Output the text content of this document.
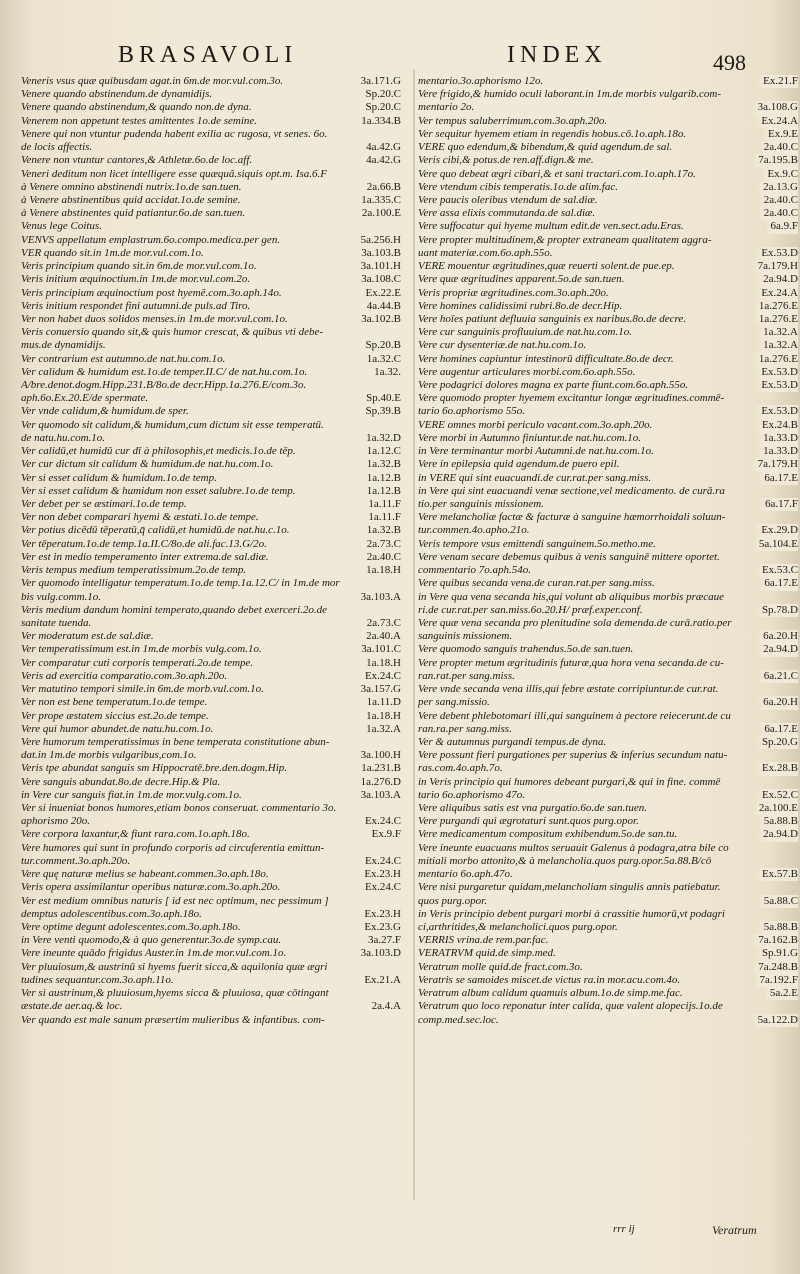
BRASAVOLI	INDEX	498
Veneris vsus quæ quibusdam agat.in 6m.de mor.vul.com.3o.	3a.171.G
Venere quando abstinendum.de dynamidijs.	Sp.20.C
Venere quando abstinendum,& quando non.de dyna.	Sp.20.C
Venerem non appetunt testes amittentes 1o.de semine.	1a.334.B
Venere qui non vtuntur pudenda habent exilia ac rugosa, vt senes. 6o.
de locis affectis.	4a.42.G
Venere non vtuntur cantores,& Athletæ.6o.de loc.aff.	4a.42.G
Veneri deditum non licet intelligere esse quæquã.siquis opt.m. Isa.6.F
à Venere omnino abstinendi nutrix.1o.de san.tuen.	2a.66.B
à Venere abstinentibus quid accidat.1o.de semine.	1a.335.C
à Venere abstinentes quid patiantur.6o.de san.tuen.	2a.100.E
Venus lege Coitus.
VENVS appellatum emplastrum.6o.compo.medica.per gen.	5a.256.H
VER quando sit.in 1m.de mor.vul.com.1o.	3a.103.B
Veris principium quando sit.in 6m.de mor.vul.com.1o.	3a.101.H
Veris initium æquinoctium.in 1m.de mor.vul.com.2o.	3a.108.C
Veris principium æquinoctium post hyemē.com.3o.aph.14o.	Ex.22.E
Veris initium respondet fini autumni.de puls.ad Tiro.	4a.44.B
Ver non habet duos solidos menses.in 1m.de mor.vul.com.1o.	3a.102.B
Veris conuersio quando sit,& quis humor crescat, & quibus vti debe-
mus.de dynamidijs.	Sp.20.B
Ver contrarium est autumno.de nat.hu.com.1o.	1a.32.C
Ver calidum & humidum est.1o.de temper.II.C/ de nat.hu.com.1o.	1a.32.
A/bre.denot.dogm.Hipp.231.B/8o.de decr.Hipp.1a.276.E/com.3o.
aph.6o.Ex.20.E/de spermate.	Sp.40.E
Ver vnde calidum,& humidum.de sper.	Sp.39.B
Ver quomodo sit calidum,& humidum,cum dictum sit esse temperatū.
de natu.hu.com.1o.	1a.32.D
Ver calidū,et humidū cur dī à philosophis,et medicis.1o.de tēp.	1a.12.C
Ver cur dictum sit calidum & humidum.de nat.hu.com.1o.	1a.32.B
Ver si esset calidum & humidum.1o.de temp.	1a.12.B
Ver si esset calidum & humidum non esset salubre.1o.de temp.	1a.12.B
Ver debet per se æstimari.1o.de temp.	1a.11.F
Ver non debet comparari hyemi & æstati.1o.de tempe.	1a.11.F
Ver potius dicēdū tēperatū,q̄ calidū,et humidū.de nat.hu.c.1o.	1a.32.B
Ver tēperatum.1o.de temp.1a.II.C/8o.de ali.fac.13.G/2o.	2a.73.C
Ver est in medio temperamento inter extrema.de sal.diæ.	2a.40.C
Veris tempus medium temperatissimum.2o.de temp.	1a.18.H
Ver quomodo intelligatur temperatum.1o.de temp.1a.12.C/ in 1m.de mor
bis vulg.comm.1o.	3a.103.A
Veris medium dandum homini temperato,quando debet exerceri.2o.de
sanitate tuenda.	2a.73.C
Ver moderatum est.de sal.diæ.	2a.40.A
Ver temperatissimum est.in 1m.de morbis vulg.com.1o.	3a.101.C
Ver comparatur cuti corporis temperati.2o.de tempe.	1a.18.H
Veris ad exercitia comparatio.com.3o.aph.20o.	Ex.24.C
Ver matutino tempori simile.in 6m.de morb.vul.com.1o.	3a.157.G
Ver non est bene temperatum.1o.de tempe.	1a.11.D
Ver prope æstatem siccius est.2o.de tempe.	1a.18.H
Vere qui humor abundet.de natu.hu.com.1o.	1a.32.A
Vere humorum temperatissimus in bene temperata constitutione abun-
dat.in 1m.de morbis vulgaribus,com.1o.	3a.100.H
Veris tpe abundat sanguis sm Hippocratē.bre.den.dogm.Hip.	1a.231.B
Vere sanguis abundat.8o.de decre.Hip.& Pla.	1a.276.D
in Vere cur sanguis fiat.in 1m.de mor.vulg.com.1o.	3a.103.A
Ver si inueniat bonos humores,etiam bonos conseruat. commentario 3o.
aphorismo 20o.	Ex.24.C
Vere corpora laxantur,& fiunt rara.com.1o.aph.18o.	Ex.9.F
Vere humores qui sunt in profundo corporis ad circuferentia emittun-
tur.comment.3o.aph.20o.	Ex.24.C
Vere quę naturæ melius se habeant.commen.3o.aph.18o.	Ex.23.H
Veris opera assimilantur operibus naturæ.com.3o.aph.20o.	Ex.24.C
Ver est medium omnibus naturis [ id est nec optimum, nec pessimum ]
demptus adolescentibus.com.3o.aph.18o.	Ex.23.H
Vere optime degunt adolescentes.com.3o.aph.18o.	Ex.23.G
in Vere venti quomodo,& à quo generentur.3o.de symp.cau.	3a.27.F
Vere ineunte quādo frigidus Auster.in 1m.de mor.vul.com.1o.	3a.103.D
Ver pluuiosum,& austrinū si hyems fuerit sicca,& aquilonia quæ ægri
tudines sequantur.com.3o.aph.11o.	Ex.21.A
Ver si austrinum,& pluuiosum,hyems sicca & pluuiosa, quæ cōtingant
æstate.de aer.aq.& loc.	2a.4.A
Ver quando est male sanum præsertim mulieribus & infantibus. com-
mentario.3o.aphorismo 12o.	Ex.21.F
Vere frigido,& humido oculi laborant.in 1m.de morbis vulgarib.com-
mentario 2o.	3a.108.G
Ver tempus saluberrimum.com.3o.aph.20o.	Ex.24.A
Ver sequitur hyemem etiam in regendis hobus.cō.1o.aph.18o.	Ex.9.E
VERE quo edendum,& bibendum,& quid agendum.de sal.	2a.40.C
Veris cibi,& potus.de ren.aff.dign.& me.	7a.195.B
Vere quo debeat ægri cibari,& et sani tractari.com.1o.aph.17o.	Ex.9.C
Vere vtendum cibis temperatis.1o.de alim.fac.	2a.13.G
Vere paucis oleribus vtendum de sal.diæ.	2a.40.C
Vere assa elixis commutanda.de sal.diæ.	2a.40.C
Vere suffocatur qui hyeme multum edit.de ven.sect.adu.Eras.	6a.9.F
Vere propter multitudinem,& propter extraneam qualitatem aggra-
uant materiæ.com.6o.aph.55o.	Ex.53.D
VERE mouentur ægritudines,quæ reuerti solent.de pue.ep.	7a.179.H
Vere quæ ægritudines apparent.5o.de san.tuen.	2a.94.D
Veris propriæ ægritudines.com.3o.aph.20o.	Ex.24.A
Vere homines calidissimi rubri.8o.de decr.Hip.	1a.276.E
Vere hoīes patiunt defluuia sanguinis ex naribus.8o.de decre.	1a.276.E
Vere cur sanguinis profluuium.de nat.hu.com.1o.	1a.32.A
Vere cur dysenteriæ.de nat.hu.com.1o.	1a.32.A
Vere homines capiuntur intestinorū difficultate.8o.de decr.	1a.276.E
Vere augentur articulares morbi.com.6o.aph.55o.	Ex.53.D
Vere podagrici dolores magna ex parte fiunt.com.6o.aph.55o.	Ex.53.D
Vere quomodo propter hyemem excitantur longæ ægritudines.commē-
tario 6o.aphorismo 55o.	Ex.53.D
VERE omnes morbi periculo vacant.com.3o.aph.20o.	Ex.24.B
Vere morbi in Autumno finiuntur.de nat.hu.com.1o.	1a.33.D
in Vere terminantur morbi Autumni.de nat.hu.com.1o.	1a.33.D
Vere in epilepsia quid agendum.de puero epil.	7a.179.H
in VERE qui sint euacuandi.de cur.rat.per sang.miss.	6a.17.E
in Vere qui sint euacuandi venæ sectione,vel medicamento. de curā.ra
tio.per sanguinis missionem.	6a.17.F
Vere melancholiæ factæ & facturæ à sanguine hæmorrhoidali soluun-
tur.commen.4o.apho.21o.	Ex.29.D
Veris tempore vsus emittendi sanguinem.5o.metho.me.	5a.104.E
Vere venam secare debemus quibus à venis sanguinē mittere oportet.
commentario 7o.aph.54o.	Ex.53.C
Vere quibus secanda vena.de curan.rat.per sang.miss.	6a.17.E
in Vere qua vena secanda his,qui volunt ab aliquibus morbis præcaue
ri.de cur.rat.per san.miss.6o.20.H/ præf.exper.conf.	Sp.78.D
Vere quæ vena secanda pro plenitudine sola demenda.de curā.ratio.per
sanguinis missionem.	6a.20.H
Vere quomodo sanguis trahendus.5o.de san.tuen.	2a.94.D
Vere propter metum ægritudinis futuræ,qua hora vena secanda.de cu-
ran.rat.per sang.miss.	6a.21.C
Vere vnde secanda vena illis,qui febre æstate corripiuntur.de cur.rat.
per sang.missio.	6a.20.H
Vere debent phlebotomari illi,qui sanguinem à pectore reiecerunt.de cu
ran.ra.per sang.miss.	6a.17.E
Ver & autumnus purgandi tempus.de dyna.	Sp.20.G
Vere possunt fieri purgationes per superius & inferius secundum natu-
ras.com.4o.aph.7o.	Ex.28.B
in Veris principio qui humores debeant purgari,& qui in fine. commē
tario 6o.aphorismo 47o.	Ex.52.C
Vere aliquibus satis est vna purgatio.6o.de san.tuen.	2a.100.E
Vere purgandi qui ægrotaturi sunt.quos purg.opor.	5a.88.B
Vere medicamentum compositum exhibendum.5o.de san.tu.	2a.94.D
Vere ineunte euacuans multos seruauit Galenus à podagra,atra bile co
mitiali morbo attonito,& à melancholia.quos purg.opor.5a.88.B/cō
mentario 6o.aph.47o.	Ex.57.B
Vere nisi purgaretur quidam,melancholiam singulis annis patiebatur.
quos purg.opor.	5a.88.C
in Veris principio debent purgari morbi à crassitie humorū,vt podagri
ci,arthritides,& melancholici.quos purg.opor.	5a.88.B
VERRIS vrina.de rem.par.fac.	7a.162.B
VERATRVM quid.de simp.med.	Sp.91.G
Veratrum molle quid.de fract.com.3o.	7a.248.B
Veratris se samoides miscet.de victus ra.in mor.acu.com.4o.	7a.192.F
Veratrum album calidum quamuis album.1o.de simp.me.fac.	5a.2.E
Veratrum quo loco reponatur inter calida, quæ valent alopecijs.1o.de
comp.med.sec.loc.	5a.122.D
rrr ij	Veratrum
